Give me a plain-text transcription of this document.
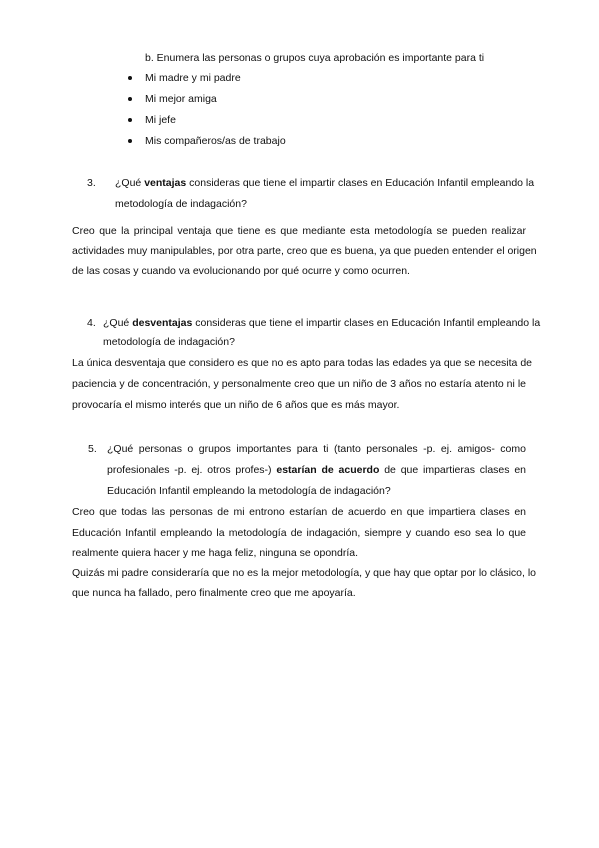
b. Enumera las personas o grupos cuya aprobación es importante para ti
Mi madre y mi padre
Mi mejor amiga
Mi jefe
Mis compañeros/as de trabajo
3. ¿Qué ventajas consideras que tiene el impartir clases en Educación Infantil empleando la
metodología de indagación?
Creo que la principal ventaja que tiene es que mediante esta metodología se pueden realizar
actividades muy manipulables, por otra parte, creo que es buena, ya que pueden entender el origen
de las cosas y cuando va evolucionando por qué ocurre y como ocurren.
4. ¿Qué desventajas consideras que tiene el impartir clases en Educación Infantil empleando la
metodología de indagación?
La única desventaja que considero es que no es apto para todas las edades ya que se necesita de
paciencia y de concentración, y personalmente creo que un niño de 3 años no estaría atento ni le
provocaría el mismo interés que un niño de 6 años que es más mayor.
5. ¿Qué personas o grupos importantes para ti (tanto personales -p. ej. amigos- como
profesionales -p. ej. otros profes-) estarían de acuerdo de que impartieras clases en
Educación Infantil empleando la metodología de indagación?
Creo que todas las personas de mi entrono estarían de acuerdo en que impartiera clases en
Educación Infantil empleando la metodología de indagación, siempre y cuando eso sea lo que
realmente quiera hacer y me haga feliz, ninguna se opondría.
Quizás mi padre consideraría que no es la mejor metodología, y que hay que optar por lo clásico, lo
que nunca ha fallado, pero finalmente creo que me apoyaría.
